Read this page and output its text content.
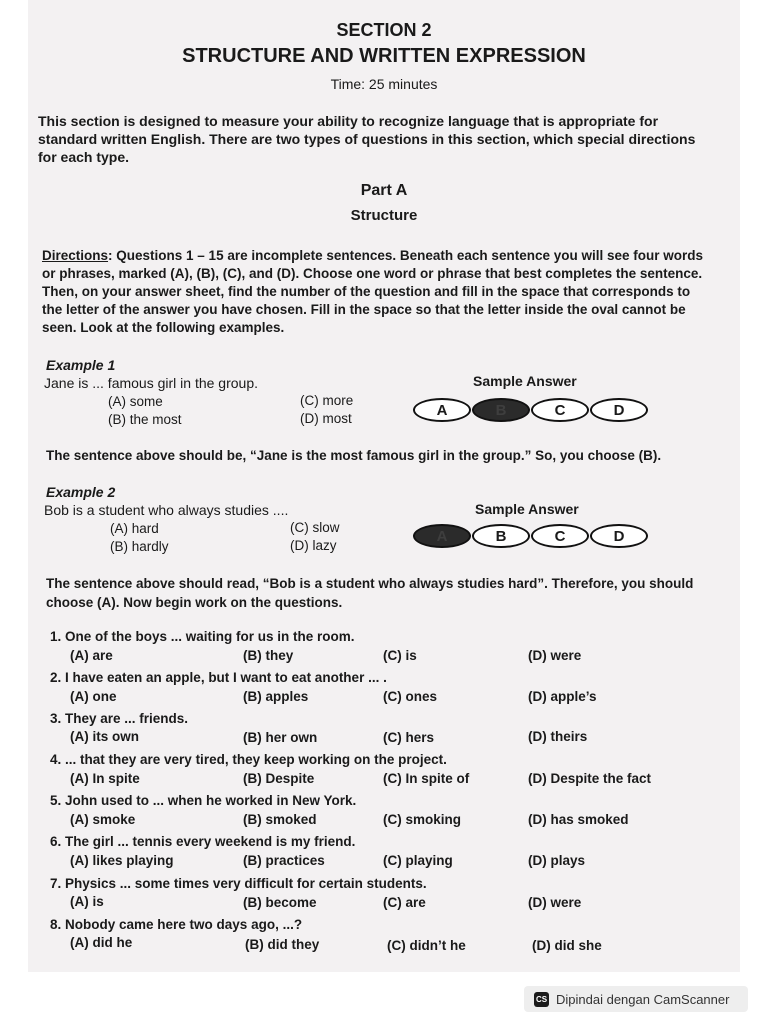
SECTION 2
STRUCTURE AND WRITTEN EXPRESSION
Time: 25 minutes
This section is designed to measure your ability to recognize language that is appropriate for standard written English. There are two types of questions in this section, which special directions for each type.
Part A
Structure
Directions: Questions 1 – 15 are incomplete sentences. Beneath each sentence you will see four words or phrases, marked (A), (B), (C), and (D). Choose one word or phrase that best completes the sentence. Then, on your answer sheet, find the number of the question and fill in the space that corresponds to the letter of the answer you have chosen. Fill in the space so that the letter inside the oval cannot be seen. Look at the following examples.
Example 1
Jane is ... famous girl in the group.
(A) some
(B) the most
(C) more
(D) most
Sample Answer
A	B	C	D
The sentence above should be, “Jane is the most famous girl in the group.” So, you choose (B).
Example 2
Bob is a student who always studies ....
(A) hard
(B) hardly
(C) slow
(D) lazy
Sample Answer
A	B	C	D
The sentence above should read, “Bob is a student who always studies hard”. Therefore, you should choose (A). Now begin work on the questions.
1. One of the boys ... waiting for us in the room.
(A) are	(B) they	(C) is	(D) were
2. I have eaten an apple, but I want to eat another ... .
(A) one	(B) apples	(C) ones	(D) apple’s
3. They are ... friends.
(A) its own	(B) her own	(C) hers	(D) theirs
4. ... that they are very tired, they keep working on the project.
(A) In spite	(B) Despite	(C) In spite of	(D) Despite the fact
5. John used to ... when he worked in New York.
(A) smoke	(B) smoked	(C) smoking	(D) has smoked
6. The girl ... tennis every weekend is my friend.
(A) likes playing	(B) practices	(C) playing	(D) plays
7. Physics ... some times very difficult for certain students.
(A) is	(B) become	(C) are	(D) were
8. Nobody came here two days ago, ...?
(A) did he	(B) did they	(C) didn’t he	(D) did she
CS Dipindai dengan CamScanner
